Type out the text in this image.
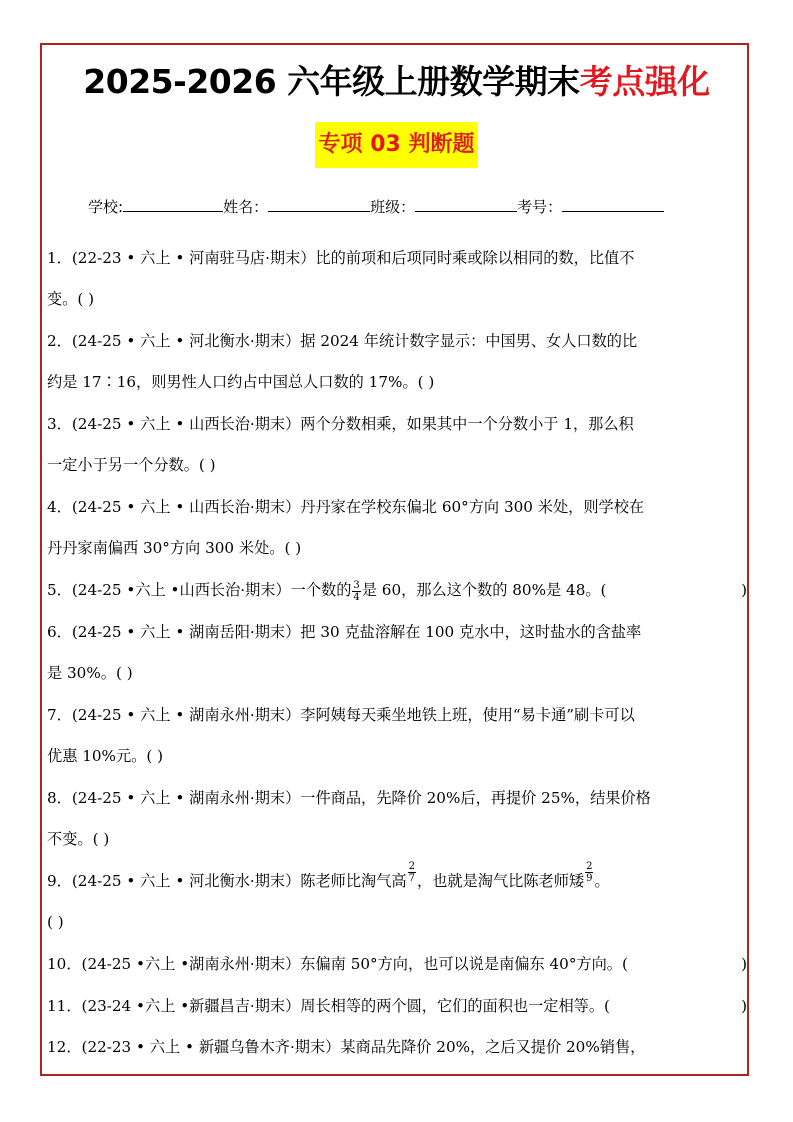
2025-2026 六年级上册数学期末考点强化
专项 03 判断题
学校:	姓名：	班级：	考号：
1．(22-23 • 六上 • 河南驻马店·期末）比的前项和后项同时乘或除以相同的数，比值不
变。( )
2．(24-25 • 六上 • 河北衡水·期末）据 2024 年统计数字显示：中国男、女人口数的比
约是 17∶16，则男性人口约占中国总人口数的 17%。( )
3．(24-25 • 六上 • 山西长治·期末）两个分数相乘，如果其中一个分数小于 1，那么积
一定小于另一个分数。( )
4．(24-25 • 六上 • 山西长治·期末）丹丹家在学校东偏北 60°方向 300 米处，则学校在
丹丹家南偏西 30°方向 300 米处。( )
5．(24-25 •六上 •山西长治·期末）一个数的 $\frac{3}{4}$ 是 60，那么这个数的 80%是 48。(	)
6．(24-25 • 六上 • 湖南岳阳·期末）把 30 克盐溶解在 100 克水中，这时盐水的含盐率
是 30%。( )
7．(24-25 • 六上 • 湖南永州·期末）李阿姨每天乘坐地铁上班，使用“易卡通”刷卡可以
优惠 10%元。( )
8．(24-25 • 六上 • 湖南永州·期末）一件商品，先降价 20%后，再提价 25%，结果价格
不变。( )
9．(24-25 • 六上 • 河北衡水·期末）陈老师比淘气高 $\frac{2}{7}$ ，也就是淘气比陈老师矮 $\frac{2}{9}$ 。
( )
10．(24-25 •六上 •湖南永州·期末）东偏南 50°方向，也可以说是南偏东 40°方向。(	)
11．(23-24 •六上 •新疆昌吉·期末）周长相等的两个圆，它们的面积也一定相等。(	)
12．(22-23 • 六上 • 新疆乌鲁木齐·期末）某商品先降价 20%，之后又提价 20%销售，
